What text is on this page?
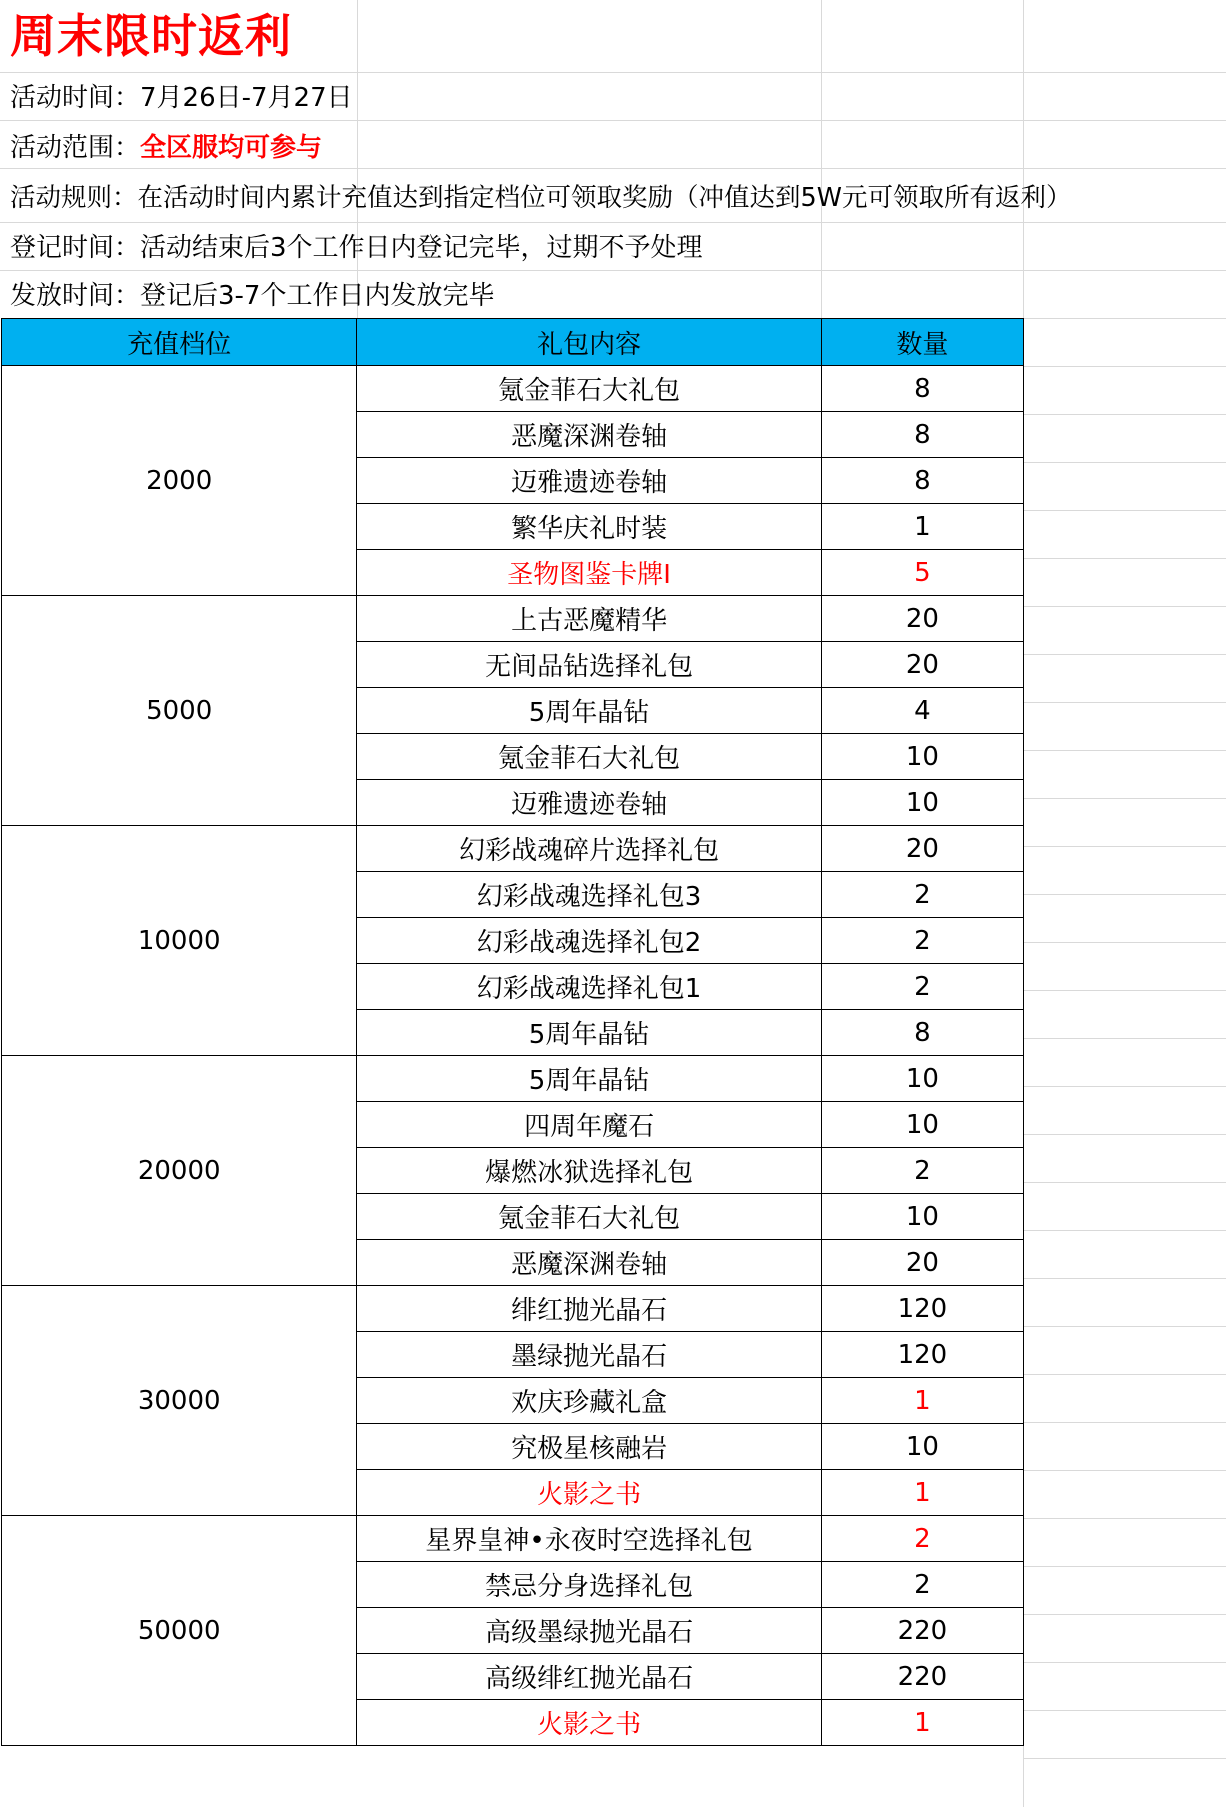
周末限时返利
活动时间：7月26日-7月27日
活动范围：全区服均可参与
活动规则：在活动时间内累计充值达到指定档位可领取奖励（冲值达到5W元可领取所有返利）
登记时间：活动结束后3个工作日内登记完毕，过期不予处理
发放时间：登记后3-7个工作日内发放完毕
充值档位	礼包内容	数量
2000	氪金菲石大礼包	8
	恶魔深渊卷轴	8
	迈雅遗迹卷轴	8
	繁华庆礼时装	1
	圣物图鉴卡牌I	5
5000	上古恶魔精华	20
	无间品钻选择礼包	20
	5周年晶钻	4
	氪金菲石大礼包	10
	迈雅遗迹卷轴	10
10000	幻彩战魂碎片选择礼包	20
	幻彩战魂选择礼包3	2
	幻彩战魂选择礼包2	2
	幻彩战魂选择礼包1	2
	5周年晶钻	8
20000	5周年晶钻	10
	四周年魔石	10
	爆燃冰狱选择礼包	2
	氪金菲石大礼包	10
	恶魔深渊卷轴	20
30000	绯红抛光晶石	120
	墨绿抛光晶石	120
	欢庆珍藏礼盒	1
	究极星核融岩	10
	火影之书	1
50000	星界皇神•永夜时空选择礼包	2
	禁忌分身选择礼包	2
	高级墨绿抛光晶石	220
	高级绯红抛光晶石	220
	火影之书	1
